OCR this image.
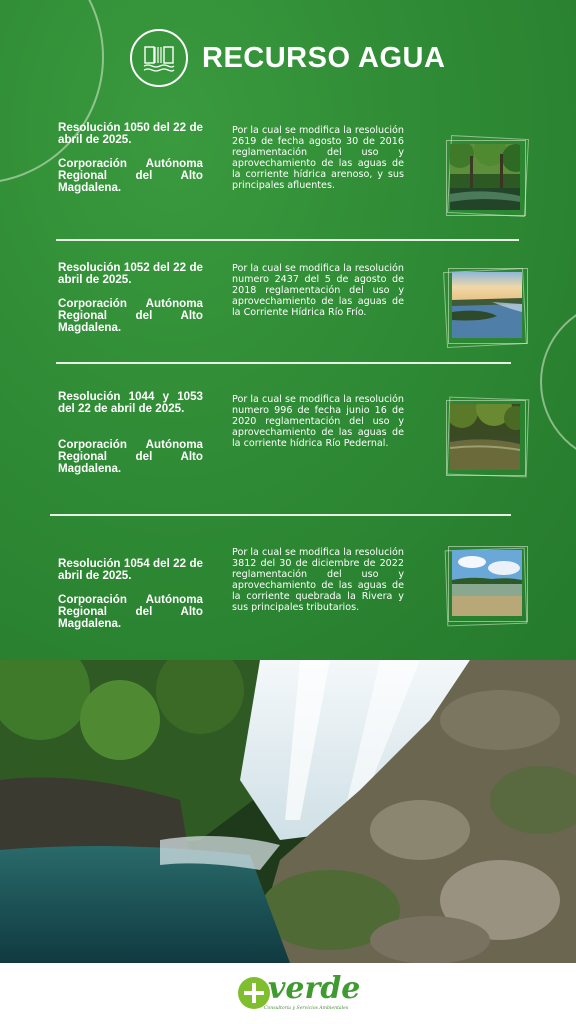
RECURSO AGUA

Resolución 1050 del 22 de abril de 2025.

Corporación Autónoma Regional del Alto Magdalena.

Por la cual se modifica la resolución 2619 de fecha agosto 30 de 2016 reglamentación del uso y aprovechamiento de las aguas de la corriente hídrica arenoso, y sus principales afluentes.

Resolución 1052 del 22 de abril de 2025.

Corporación Autónoma Regional del Alto Magdalena.

Por la cual se modifica la resolución numero 2437 del 5 de agosto de 2018 reglamentación del uso y aprovechamiento de las aguas de la Corriente Hídrica Río Frío.

Resolución 1044 y 1053 del 22 de abril de 2025.

Corporación Autónoma Regional del Alto Magdalena.

Por la cual se modifica la resolución numero 996 de fecha junio 16 de 2020 reglamentación del uso y aprovechamiento de las aguas de la corriente hídrica Río Pedernal.

Resolución 1054 del 22 de abril de 2025.

Corporación Autónoma Regional del Alto Magdalena.

Por la cual se modifica la resolución 3812 del 30 de diciembre de 2022 reglamentación del uso y aprovechamiento de las aguas de la corriente quebrada la Rivera y sus principales tributarios.
verde
Consultoría y Servicios Ambientales
